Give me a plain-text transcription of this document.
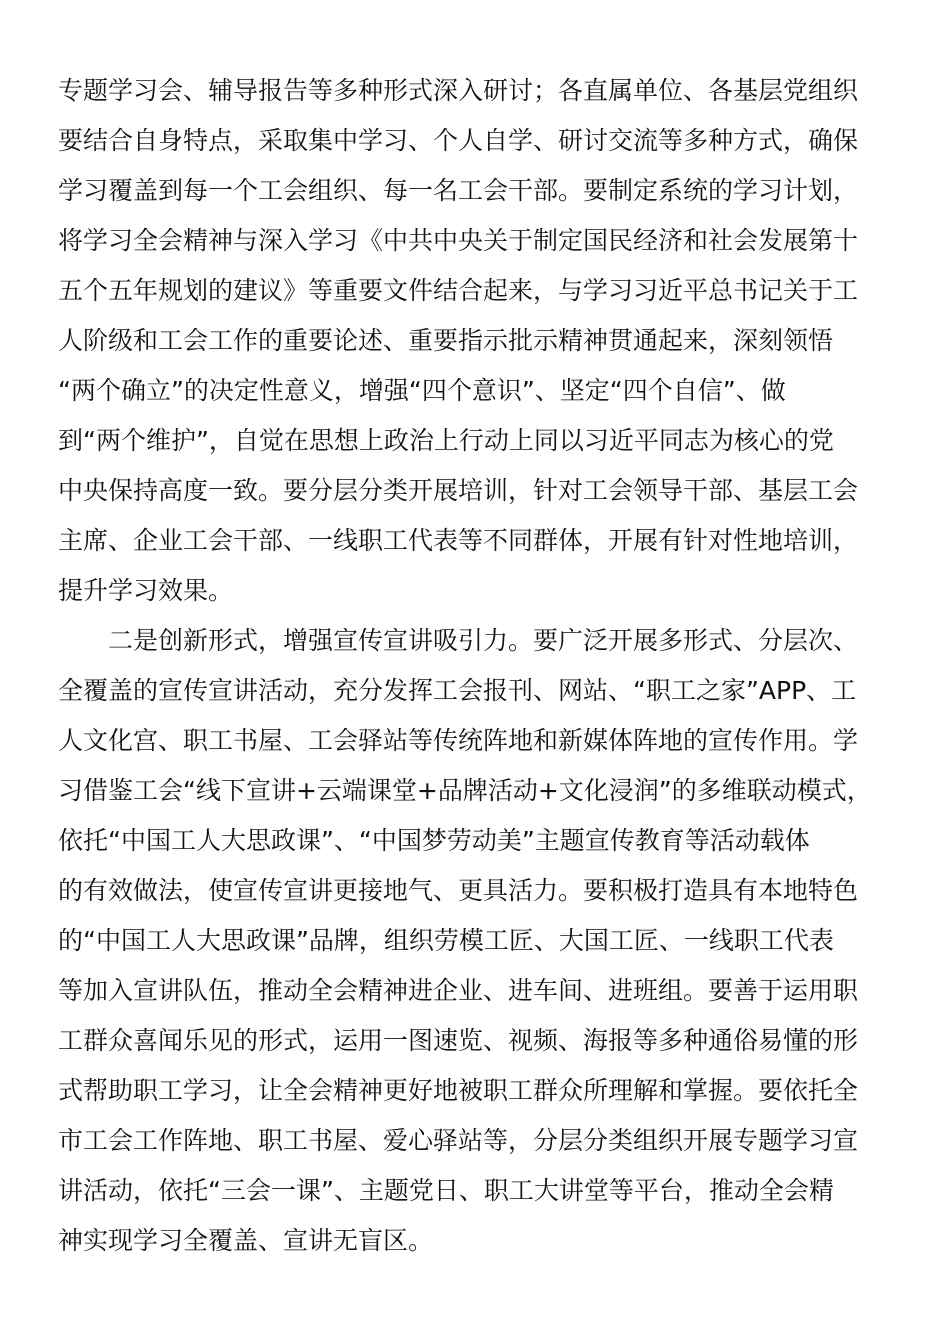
专题学习会、辅导报告等多种形式深入研讨；各直属单位、各基层党组织
要结合自身特点，采取集中学习、个人自学、研讨交流等多种方式，确保
学习覆盖到每一个工会组织、每一名工会干部。要制定系统的学习计划，
将学习全会精神与深入学习《中共中央关于制定国民经济和社会发展第十
五个五年规划的建议》等重要文件结合起来，与学习习近平总书记关于工
人阶级和工会工作的重要论述、重要指示批示精神贯通起来，深刻领悟
“两个确立”的决定性意义，增强“四个意识”、坚定“四个自信”、做
到“两个维护”，自觉在思想上政治上行动上同以习近平同志为核心的党
中央保持高度一致。要分层分类开展培训，针对工会领导干部、基层工会
主席、企业工会干部、一线职工代表等不同群体，开展有针对性地培训，
提升学习效果。
二是创新形式，增强宣传宣讲吸引力。要广泛开展多形式、分层次、
全覆盖的宣传宣讲活动，充分发挥工会报刊、网站、“职工之家”APP、工
人文化宫、职工书屋、工会驿站等传统阵地和新媒体阵地的宣传作用。学
习借鉴工会“线下宣讲+云端课堂+品牌活动+文化浸润”的多维联动模式，
依托“中国工人大思政课”、“中国梦劳动美”主题宣传教育等活动载体
的有效做法，使宣传宣讲更接地气、更具活力。要积极打造具有本地特色
的“中国工人大思政课”品牌，组织劳模工匠、大国工匠、一线职工代表
等加入宣讲队伍，推动全会精神进企业、进车间、进班组。要善于运用职
工群众喜闻乐见的形式，运用一图速览、视频、海报等多种通俗易懂的形
式帮助职工学习，让全会精神更好地被职工群众所理解和掌握。要依托全
市工会工作阵地、职工书屋、爱心驿站等，分层分类组织开展专题学习宣
讲活动，依托“三会一课”、主题党日、职工大讲堂等平台，推动全会精
神实现学习全覆盖、宣讲无盲区。
